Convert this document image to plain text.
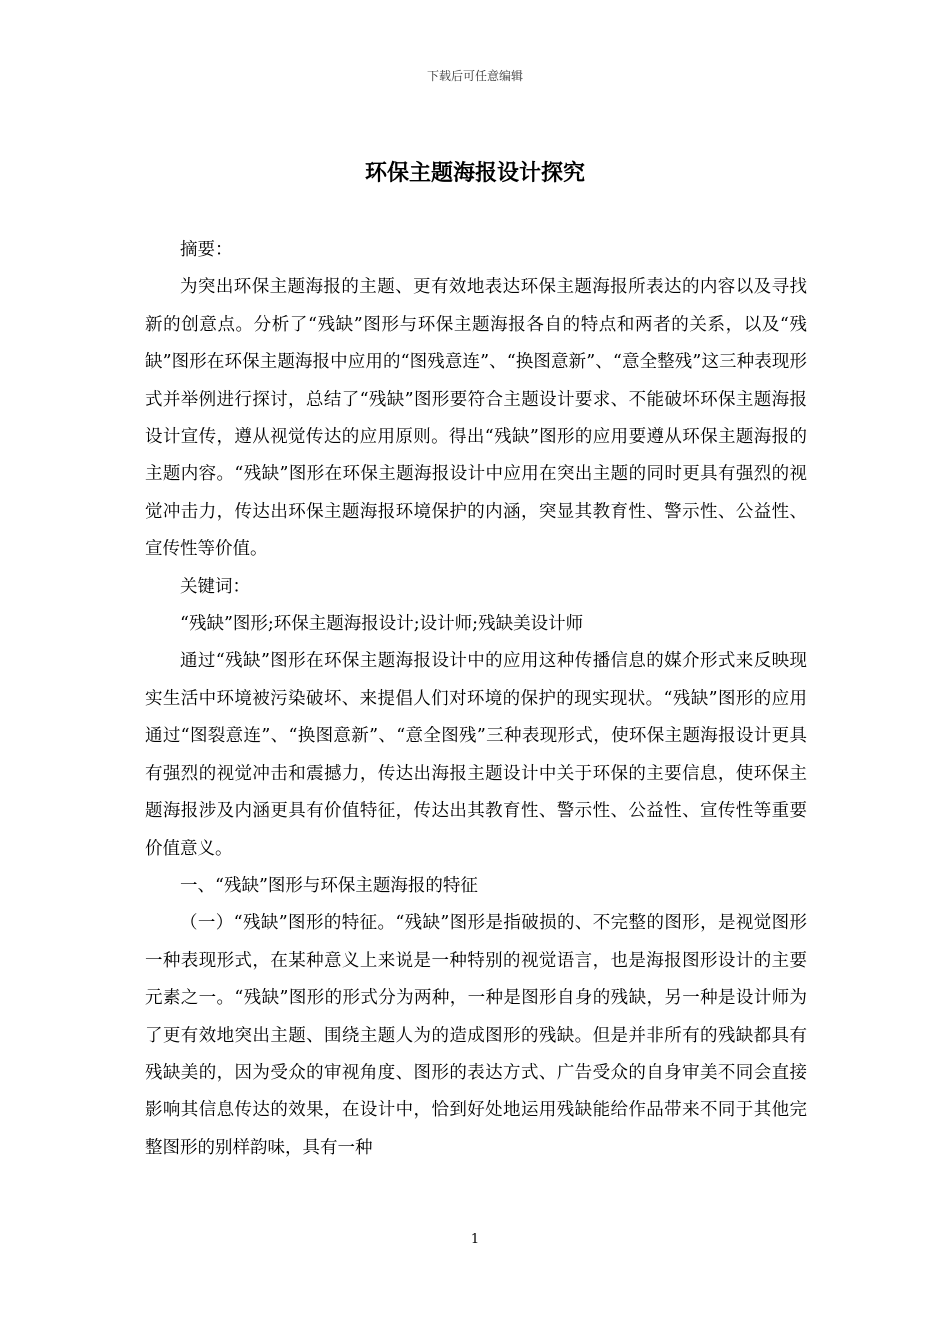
下载后可任意编辑
环保主题海报设计探究

摘要：

为突出环保主题海报的主题、更有效地表达环保主题海报所表达的内容以及寻找新的创意点。分析了“残缺”图形与环保主题海报各自的特点和两者的关系，以及“残缺”图形在环保主题海报中应用的“图残意连”、“换图意新”、“意全整残”这三种表现形式并举例进行探讨，总结了“残缺”图形要符合主题设计要求、不能破坏环保主题海报设计宣传，遵从视觉传达的应用原则。得出“残缺”图形的应用要遵从环保主题海报的主题内容。“残缺”图形在环保主题海报设计中应用在突出主题的同时更具有强烈的视觉冲击力，传达出环保主题海报环境保护的内涵，突显其教育性、警示性、公益性、宣传性等价值。

关键词：

“残缺”图形;环保主题海报设计;设计师;残缺美设计师

通过“残缺”图形在环保主题海报设计中的应用这种传播信息的媒介形式来反映现实生活中环境被污染破坏、来提倡人们对环境的保护的现实现状。“残缺”图形的应用通过“图裂意连”、“换图意新”、“意全图残”三种表现形式，使环保主题海报设计更具有强烈的视觉冲击和震撼力，传达出海报主题设计中关于环保的主要信息，使环保主题海报涉及内涵更具有价值特征，传达出其教育性、警示性、公益性、宣传性等重要价值意义。

一、“残缺”图形与环保主题海报的特征

（一）“残缺”图形的特征。“残缺”图形是指破损的、不完整的图形，是视觉图形一种表现形式，在某种意义上来说是一种特别的视觉语言，也是海报图形设计的主要元素之一。“残缺”图形的形式分为两种，一种是图形自身的残缺，另一种是设计师为了更有效地突出主题、围绕主题人为的造成图形的残缺。但是并非所有的残缺都具有残缺美的，因为受众的审视角度、图形的表达方式、广告受众的自身审美不同会直接影响其信息传达的效果，在设计中，恰到好处地运用残缺能给作品带来不同于其他完整图形的别样韵味，具有一种

1
